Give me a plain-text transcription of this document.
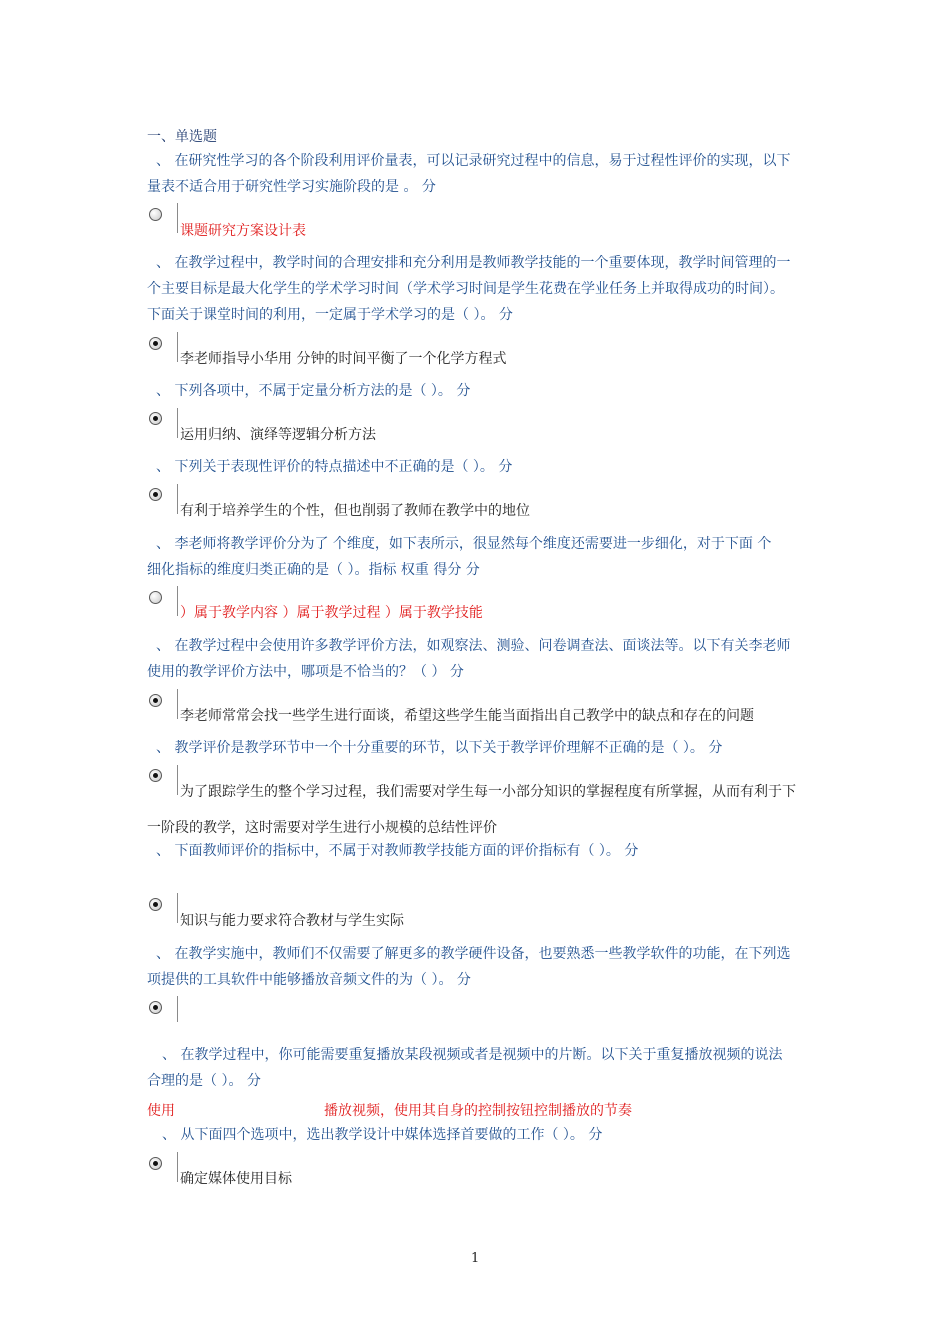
一、单选题
、 在研究性学习的各个阶段利用评价量表，可以记录研究过程中的信息，易于过程性评价的实现，以下
量表不适合用于研究性学习实施阶段的是 。 分
课题研究方案设计表
、 在教学过程中，教学时间的合理安排和充分利用是教师教学技能的一个重要体现，教学时间管理的一
个主要目标是最大化学生的学术学习时间（学术学习时间是学生花费在学业任务上并取得成功的时间）。
下面关于课堂时间的利用，一定属于学术学习的是（ ）。 分
李老师指导小华用 分钟的时间平衡了一个化学方程式
、 下列各项中，不属于定量分析方法的是（ ）。 分
运用归纳、演绎等逻辑分析方法
、 下列关于表现性评价的特点描述中不正确的是（ ）。 分
有利于培养学生的个性，但也削弱了教师在教学中的地位
、 李老师将教学评价分为了 个维度，如下表所示，很显然每个维度还需要进一步细化，对于下面 个
细化指标的维度归类正确的是（ ）。指标 权重 得分 分
）属于教学内容 ）属于教学过程 ）属于教学技能
、 在教学过程中会使用许多教学评价方法，如观察法、测验、问卷调查法、面谈法等。以下有关李老师
使用的教学评价方法中，哪项是不恰当的？（ ） 分
李老师常常会找一些学生进行面谈，希望这些学生能当面指出自己教学中的缺点和存在的问题
、 教学评价是教学环节中一个十分重要的环节，以下关于教学评价理解不正确的是（ ）。 分
为了跟踪学生的整个学习过程，我们需要对学生每一小部分知识的掌握程度有所掌握，从而有利于下
一阶段的教学，这时需要对学生进行小规模的总结性评价
、 下面教师评价的指标中，不属于对教师教学技能方面的评价指标有（ ）。 分
知识与能力要求符合教材与学生实际
、 在教学实施中，教师们不仅需要了解更多的教学硬件设备，也要熟悉一些教学软件的功能，在下列选
项提供的工具软件中能够播放音频文件的为（ ）。 分
、 在教学过程中，你可能需要重复播放某段视频或者是视频中的片断。以下关于重复播放视频的说法
合理的是（ ）。 分
使用	播放视频，使用其自身的控制按钮控制播放的节奏
、 从下面四个选项中，选出教学设计中媒体选择首要做的工作（ ）。 分
确定媒体使用目标
1
